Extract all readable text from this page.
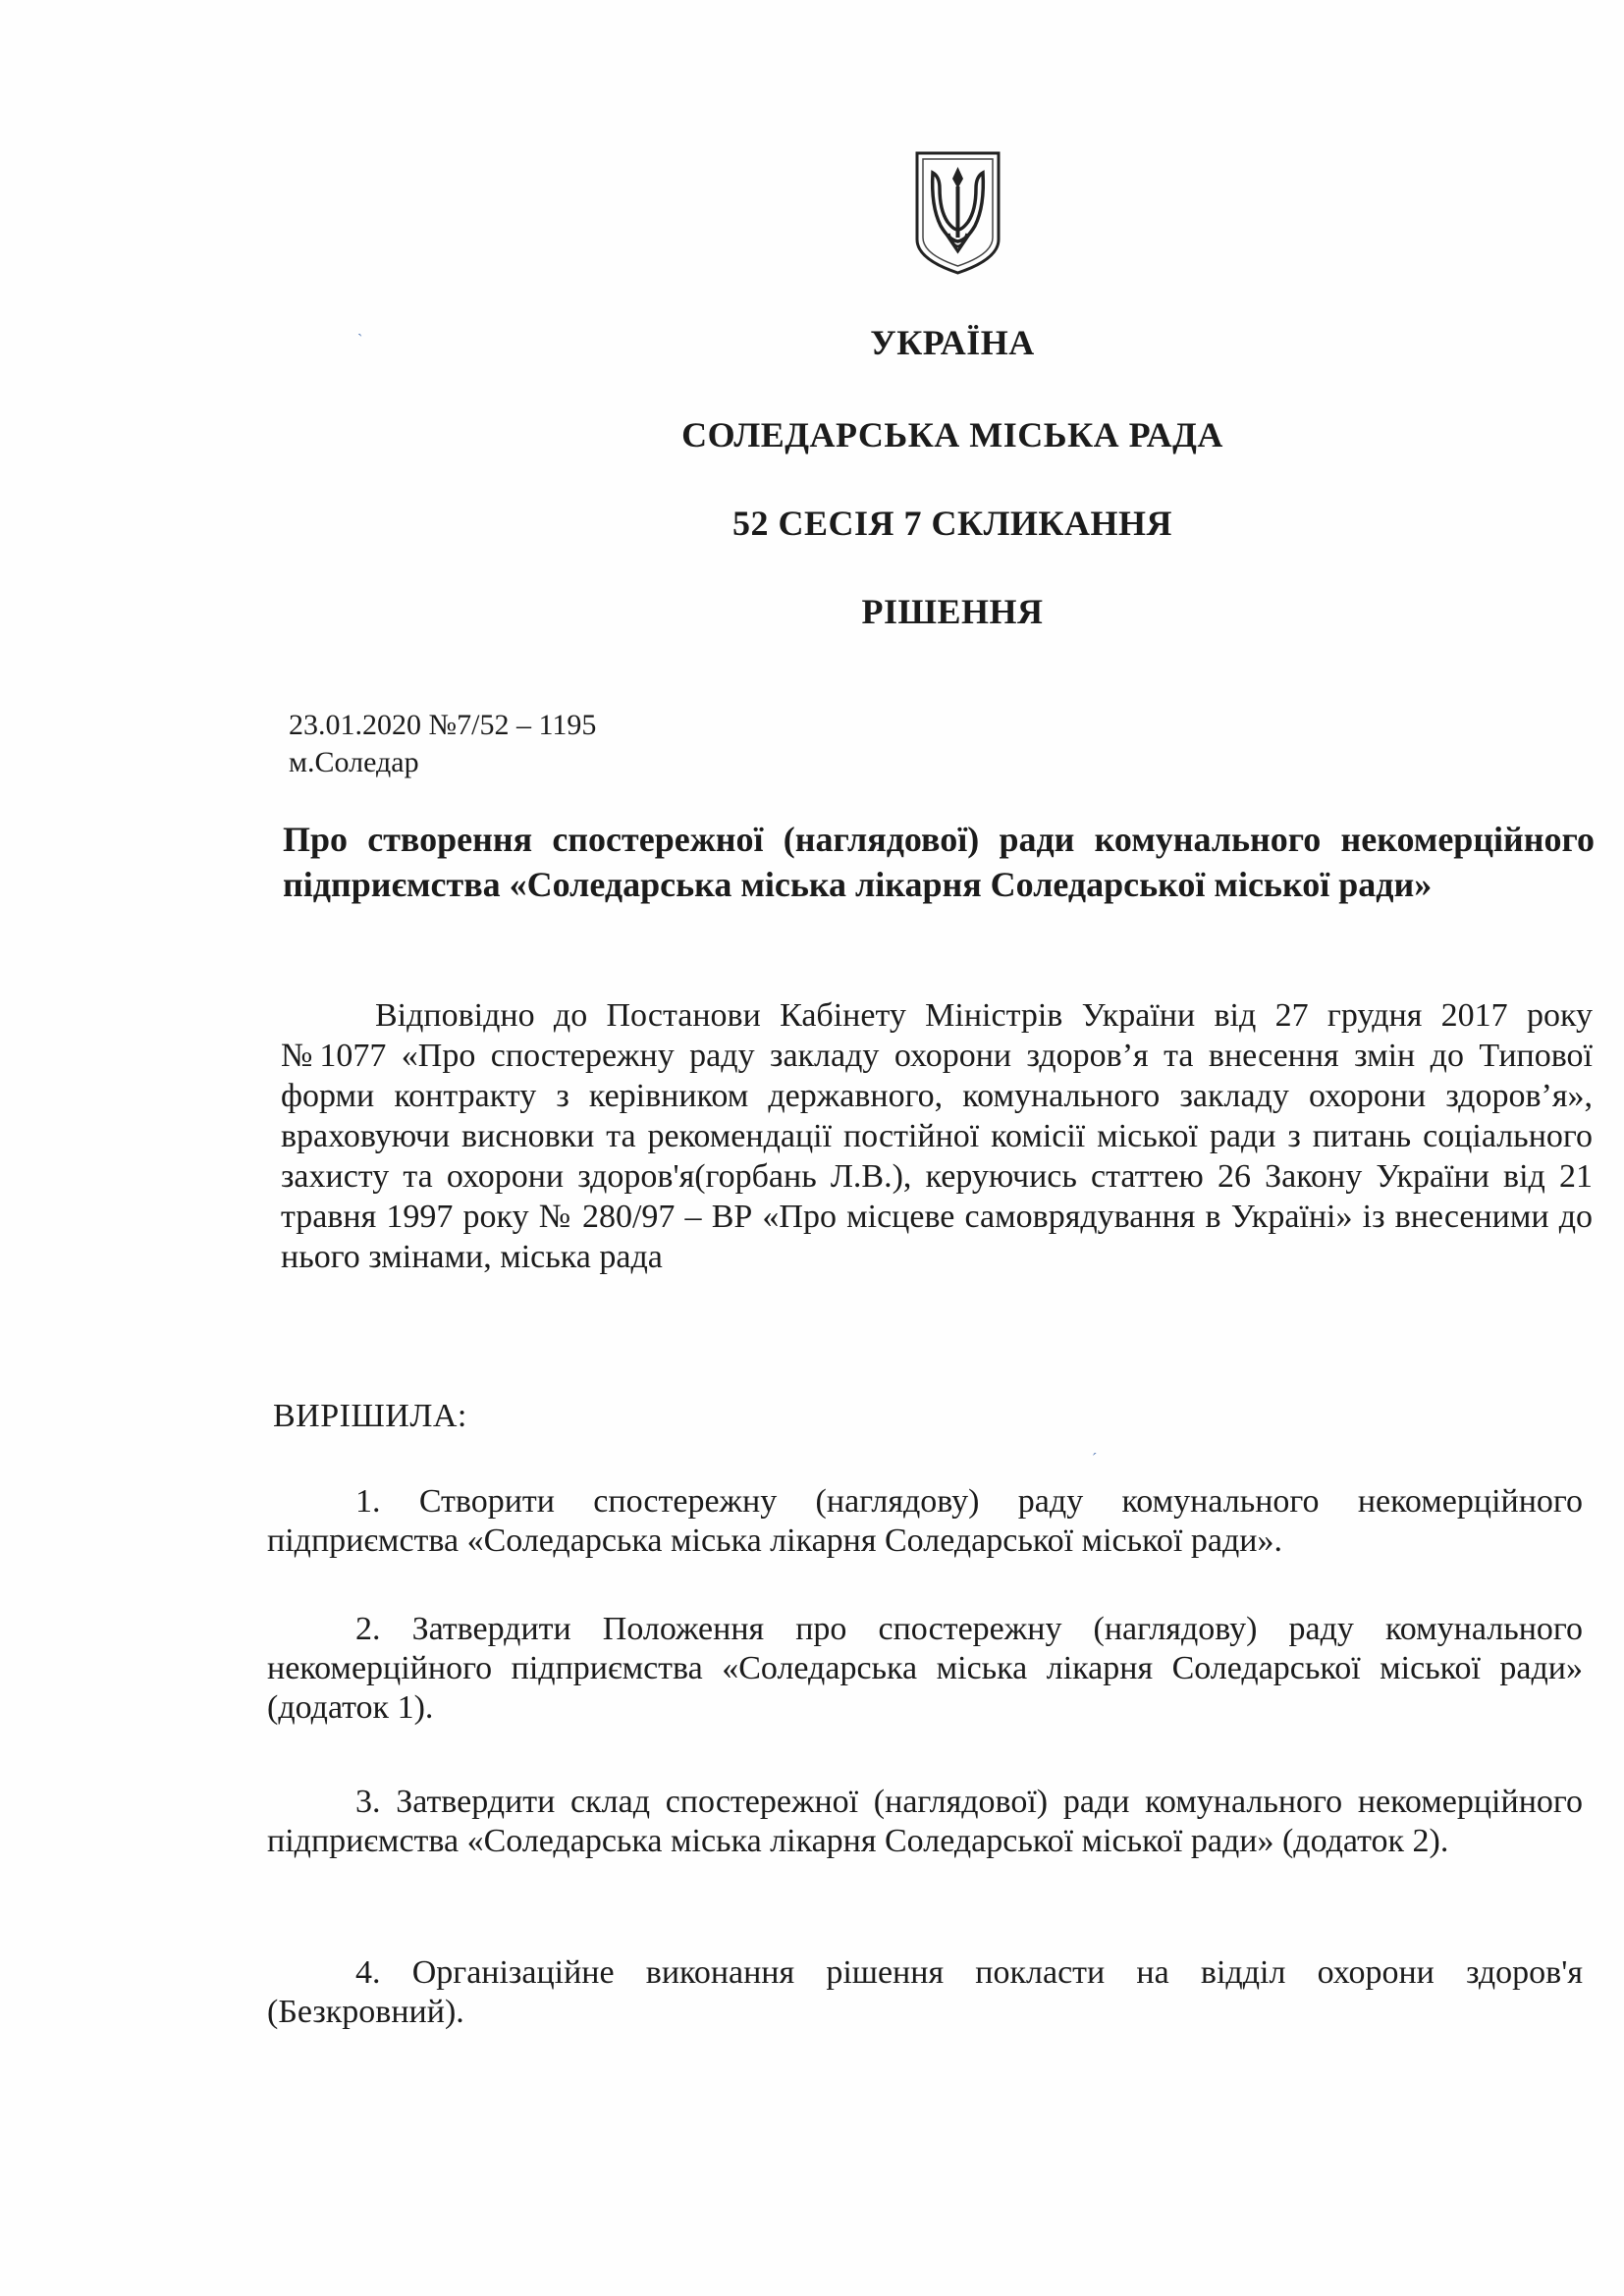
УКРАЇНА
СОЛЕДАРСЬКА МІСЬКА РАДА
52 СЕСІЯ 7 СКЛИКАННЯ
РІШЕННЯ
23.01.2020 №7/52 – 1195
м.Соледар
Про створення спостережної (наглядової) ради комунального некомерційного підприємства «Соледарська міська лікарня Соледарської міської ради»
Відповідно до Постанови Кабінету Міністрів України від 27 грудня 2017 року №1077 «Про спостережну раду закладу охорони здоров’я та внесення змін до Типової форми контракту з керівником державного, комунального закладу охорони здоров’я», враховуючи висновки та рекомендації постійної комісії міської ради з питань соціального захисту та охорони здоров'я(горбань Л.В.), керуючись статтею 26 Закону України від 21 травня 1997 року № 280/97 – ВР «Про місцеве самоврядування в Україні» із внесеними до нього змінами, міська рада
ВИРІШИЛА:
1. Створити спостережну (наглядову) раду комунального некомерційного підприємства «Соледарська міська лікарня Соледарської міської ради».
2. Затвердити Положення про спостережну (наглядову) раду комунального некомерційного підприємства «Соледарська міська лікарня Соледарської міської ради» (додаток 1).
3. Затвердити склад спостережної (наглядової) ради комунального некомерційного підприємства «Соледарська міська лікарня Соледарської міської ради» (додаток 2).
4. Організаційне виконання рішення покласти на відділ охорони здоров'я (Безкровний).
ˋ
ˊ
